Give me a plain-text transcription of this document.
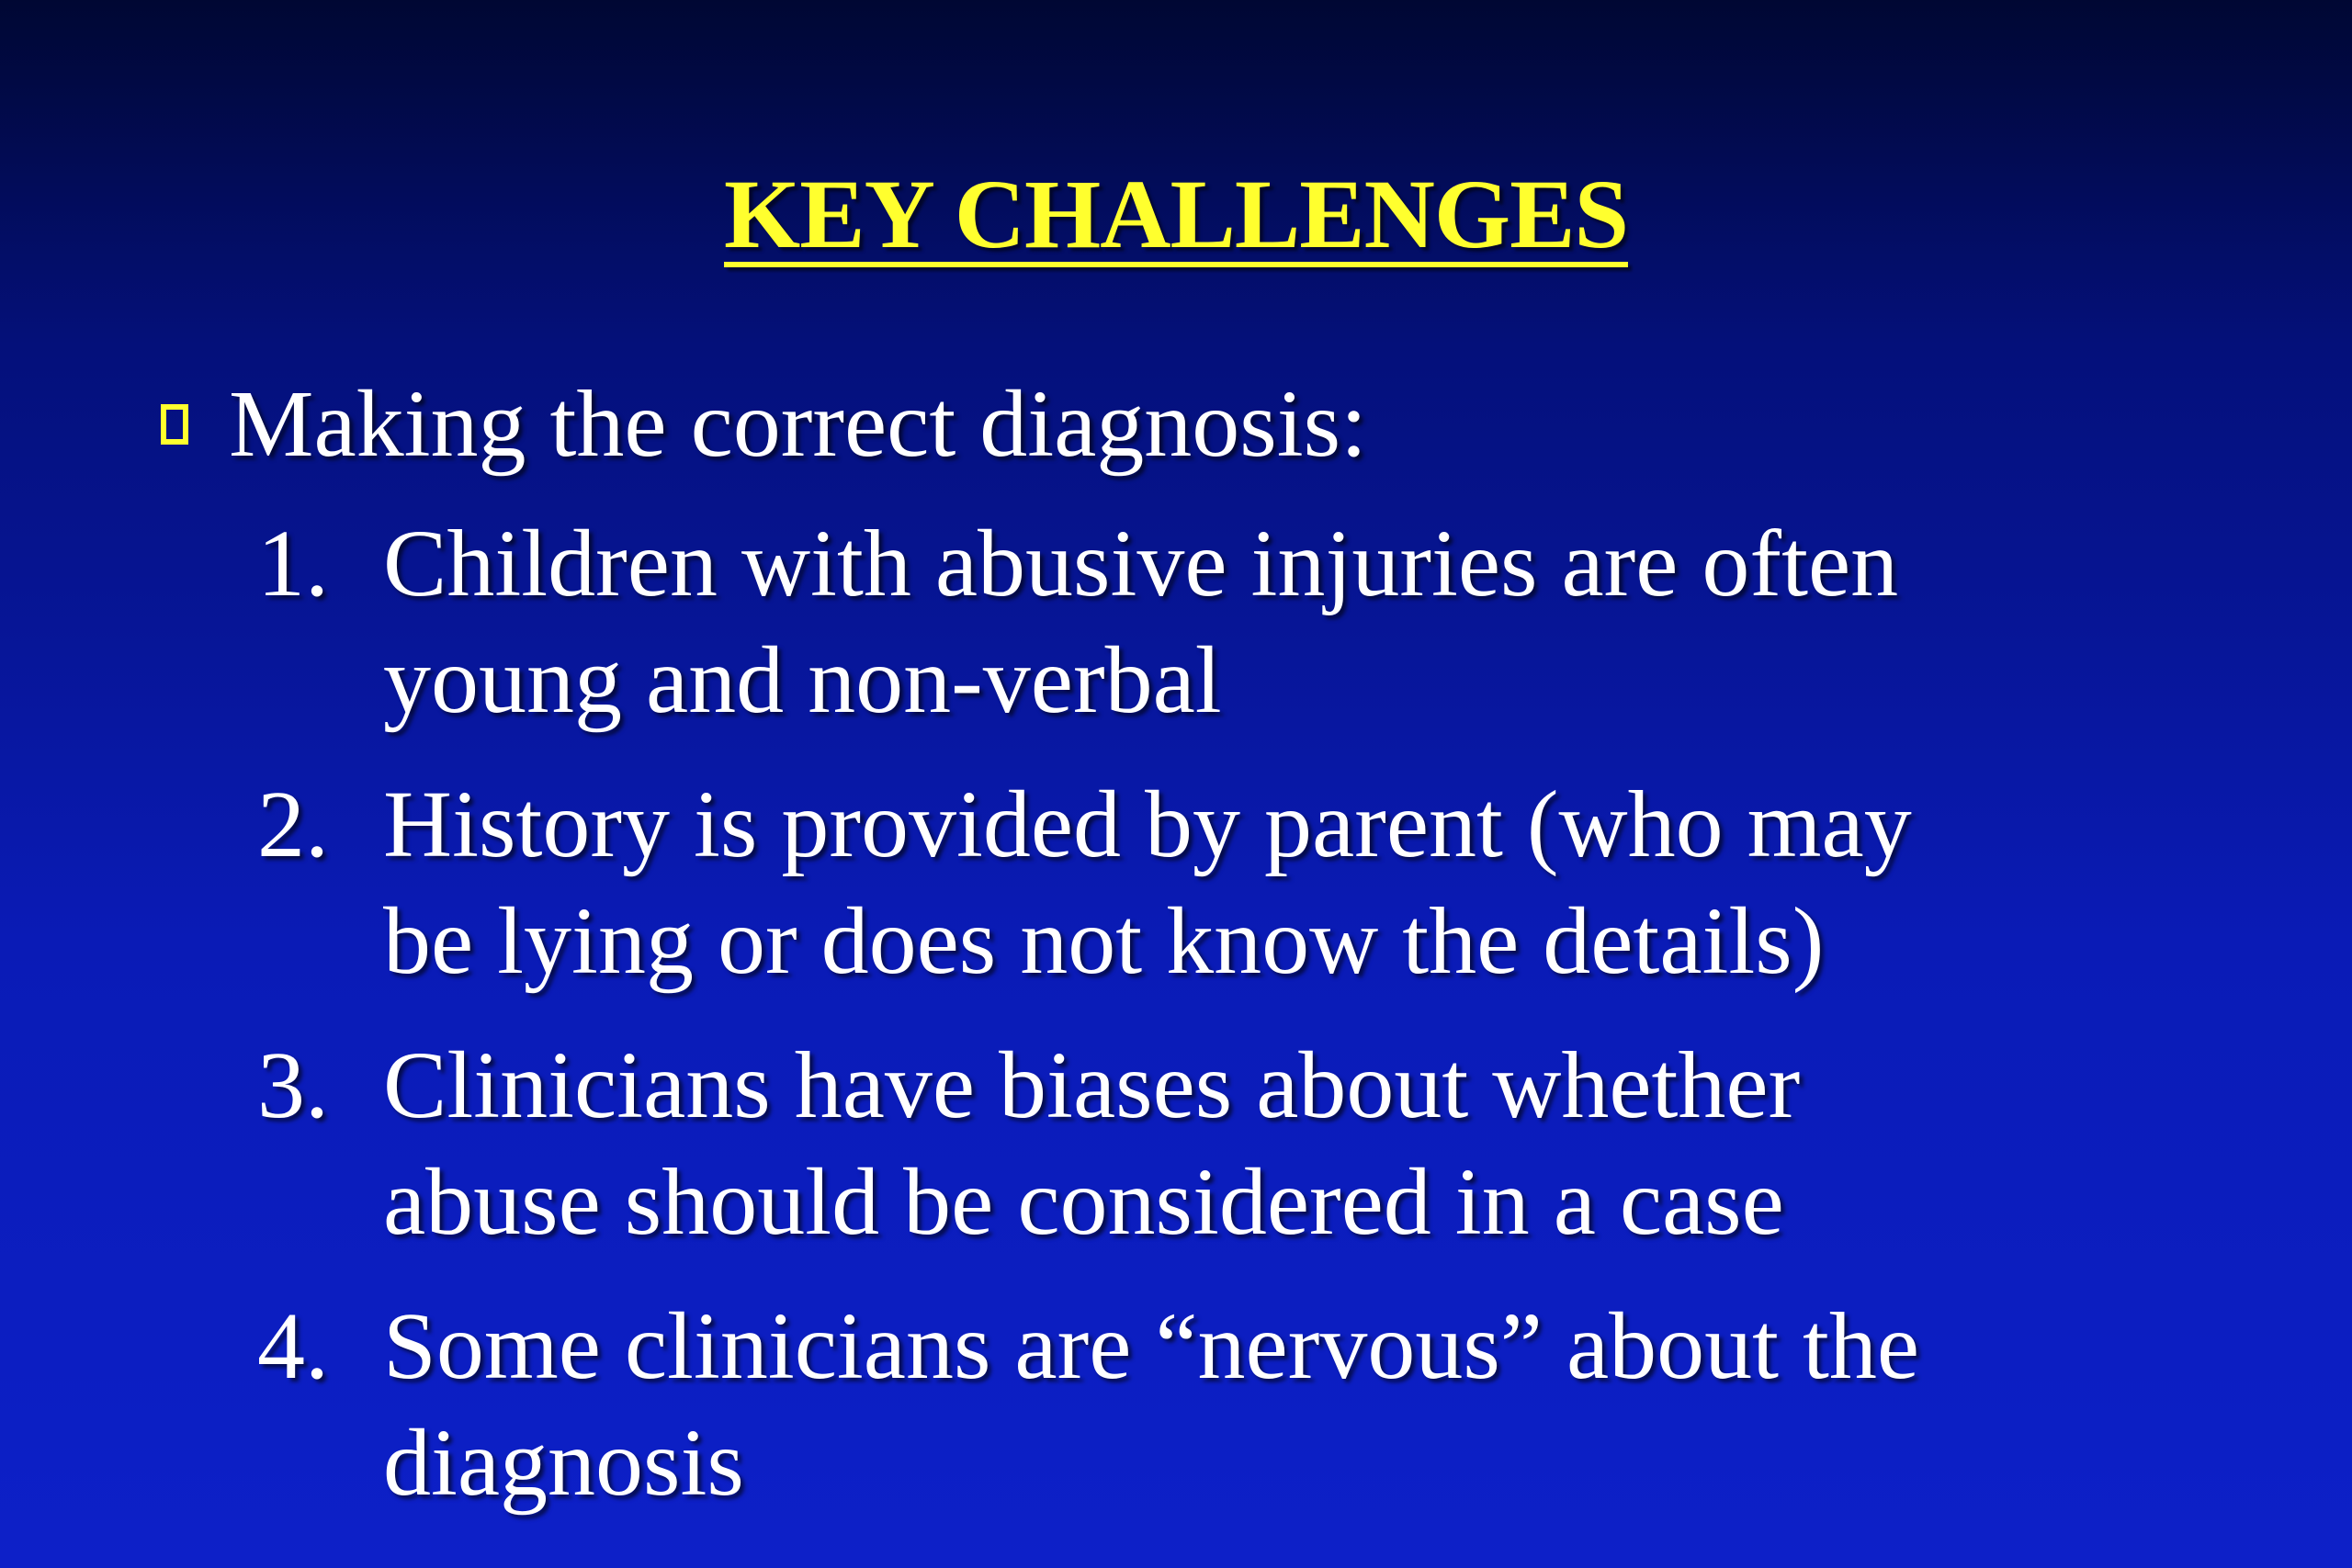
KEY CHALLENGES
Making the correct diagnosis:
1. Children with abusive injuries are often
young and non-verbal
2. History is provided by parent (who may
be lying or does not know the details)
3. Clinicians have biases about whether
abuse should be considered in a case
4. Some clinicians are “nervous” about the
diagnosis
